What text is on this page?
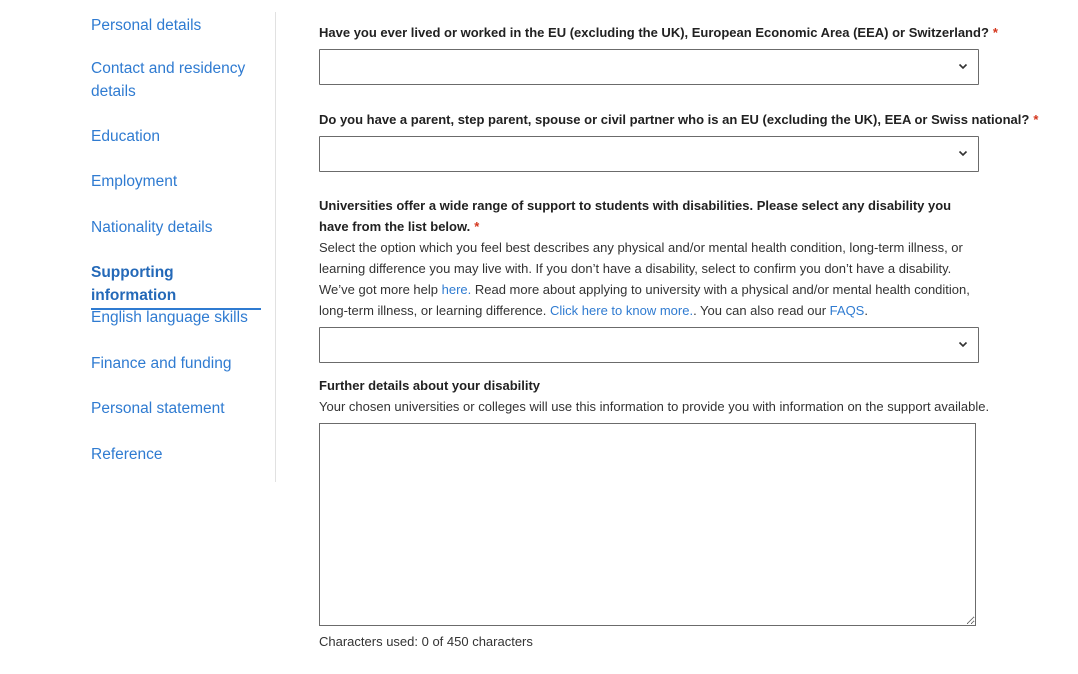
Personal details
Contact and residency details
Education
Employment
Nationality details
Supporting information
English language skills
Finance and funding
Personal statement
Reference
Have you ever lived or worked in the EU (excluding the UK), European Economic Area (EEA) or Switzerland? *
Do you have a parent, step parent, spouse or civil partner who is an EU (excluding the UK), EEA or Swiss national? *
Universities offer a wide range of support to students with disabilities. Please select any disability you have from the list below. *
Select the option which you feel best describes any physical and/or mental health condition, long-term illness, or learning difference you may live with. If you don’t have a disability, select to confirm you don’t have a disability. We’ve got more help here. Read more about applying to university with a physical and/or mental health condition, long-term illness, or learning difference. Click here to know more.. You can also read our FAQS.
Further details about your disability
Your chosen universities or colleges will use this information to provide you with information on the support available.
Characters used: 0 of 450 characters
